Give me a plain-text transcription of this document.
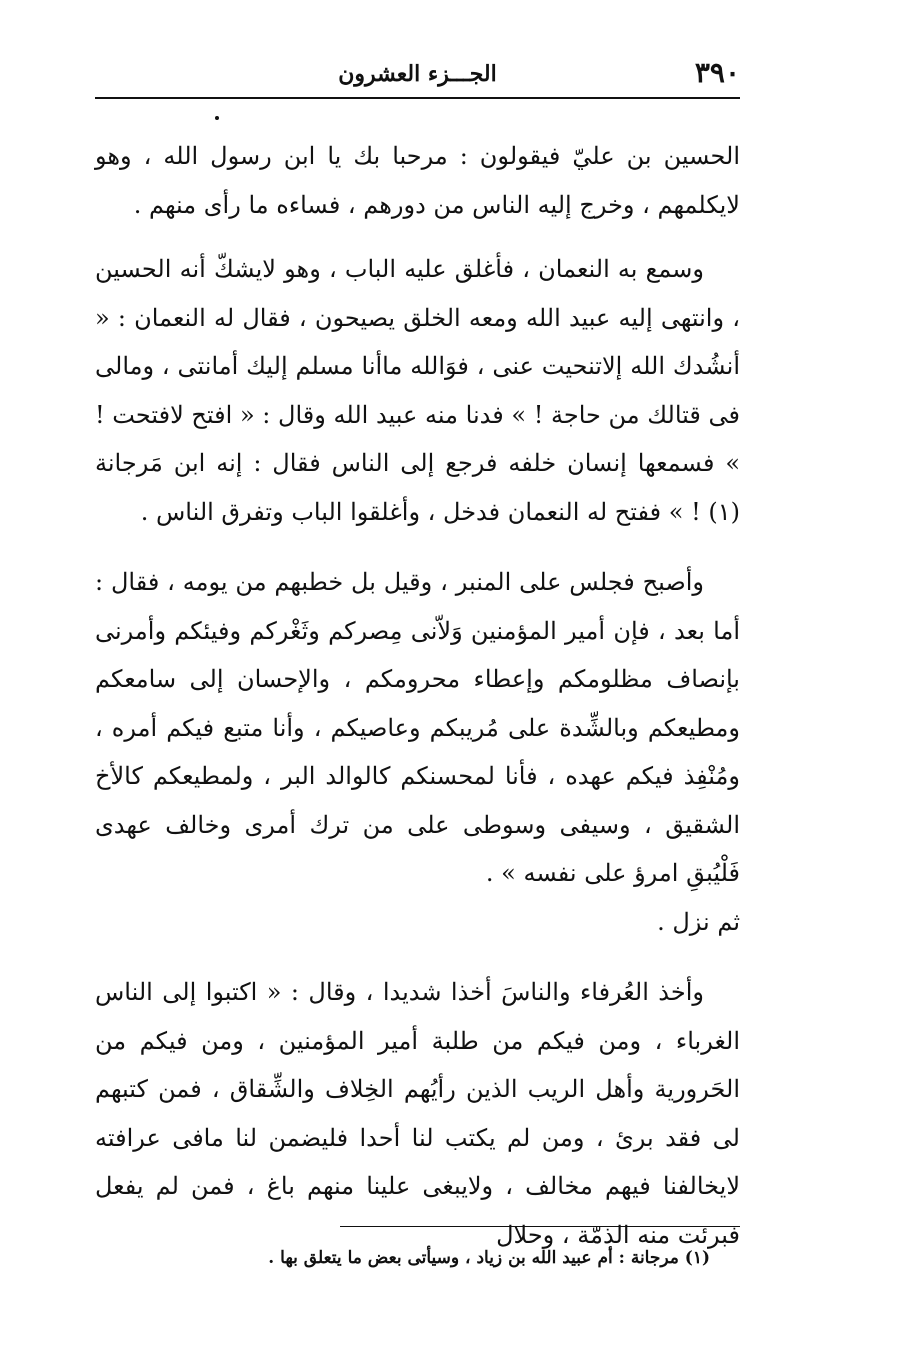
٣٩٠
الجـــزء العشرون

الحسين بن عليّ فيقولون : مرحبا بك يا ابن رسول الله ، وهو لايكلمهم ، وخرج إليه الناس من دورهم ، فساءه ما رأى منهم .

وسمع به النعمان ، فأغلق عليه الباب ، وهو لايشكّ أنه الحسين ، وانتهى إليه عبيد الله ومعه الخلق يصيحون ، فقال له النعمان : « أنشُدك الله إلاتنحيت عنى ، فوَالله ماأنا مسلم إليك أمانتى ، ومالى فى قتالك من حاجة ! » فدنا منه عبيد الله وقال : « افتح لافتحت ! » فسمعها إنسان خلفه فرجع إلى الناس فقال : إنه ابن مَرجانة (١) ! » ففتح له النعمان فدخل ، وأغلقوا الباب وتفرق الناس .

وأصبح فجلس على المنبر ، وقيل بل خطبهم من يومه ، فقال : أما بعد ، فإن أمير المؤمنين وَلاّنى مِصركم وثَغْركم وفيئكم وأمرنى بإنصاف مظلومكم وإعطاء محرومكم ، والإحسان إلى سامعكم ومطيعكم وبالشِّدة على مُريبكم وعاصيكم ، وأنا متبع فيكم أمره ، ومُنْفِذ فيكم عهده ، فأنا لمحسنكم كالوالد البر ، ولمطيعكم كالأخ الشقيق ، وسيفى وسوطى على من ترك أمرى وخالف عهدى فَلْيُبقِ امرؤ على نفسه » .

ثم نزل .

وأخذ العُرفاء والناسَ أخذا شديدا ، وقال : « اكتبوا إلى الناس الغرباء ، ومن فيكم من طلبة أمير المؤمنين ، ومن فيكم من الحَرورية وأهل الريب الذين رأيُهم الخِلاف والشِّقاق ، فمن كتبهم لى فقد برئ ، ومن لم يكتب لنا أحدا فليضمن لنا مافى عرافته لايخالفنا فيهم مخالف ، ولايبغى علينا منهم باغ ، فمن لم يفعل فبرئت منه الذمّة ، وحلال

(١) مرجانة : أم عبيد الله بن زياد ، وسيأتى بعض ما يتعلق بها .
